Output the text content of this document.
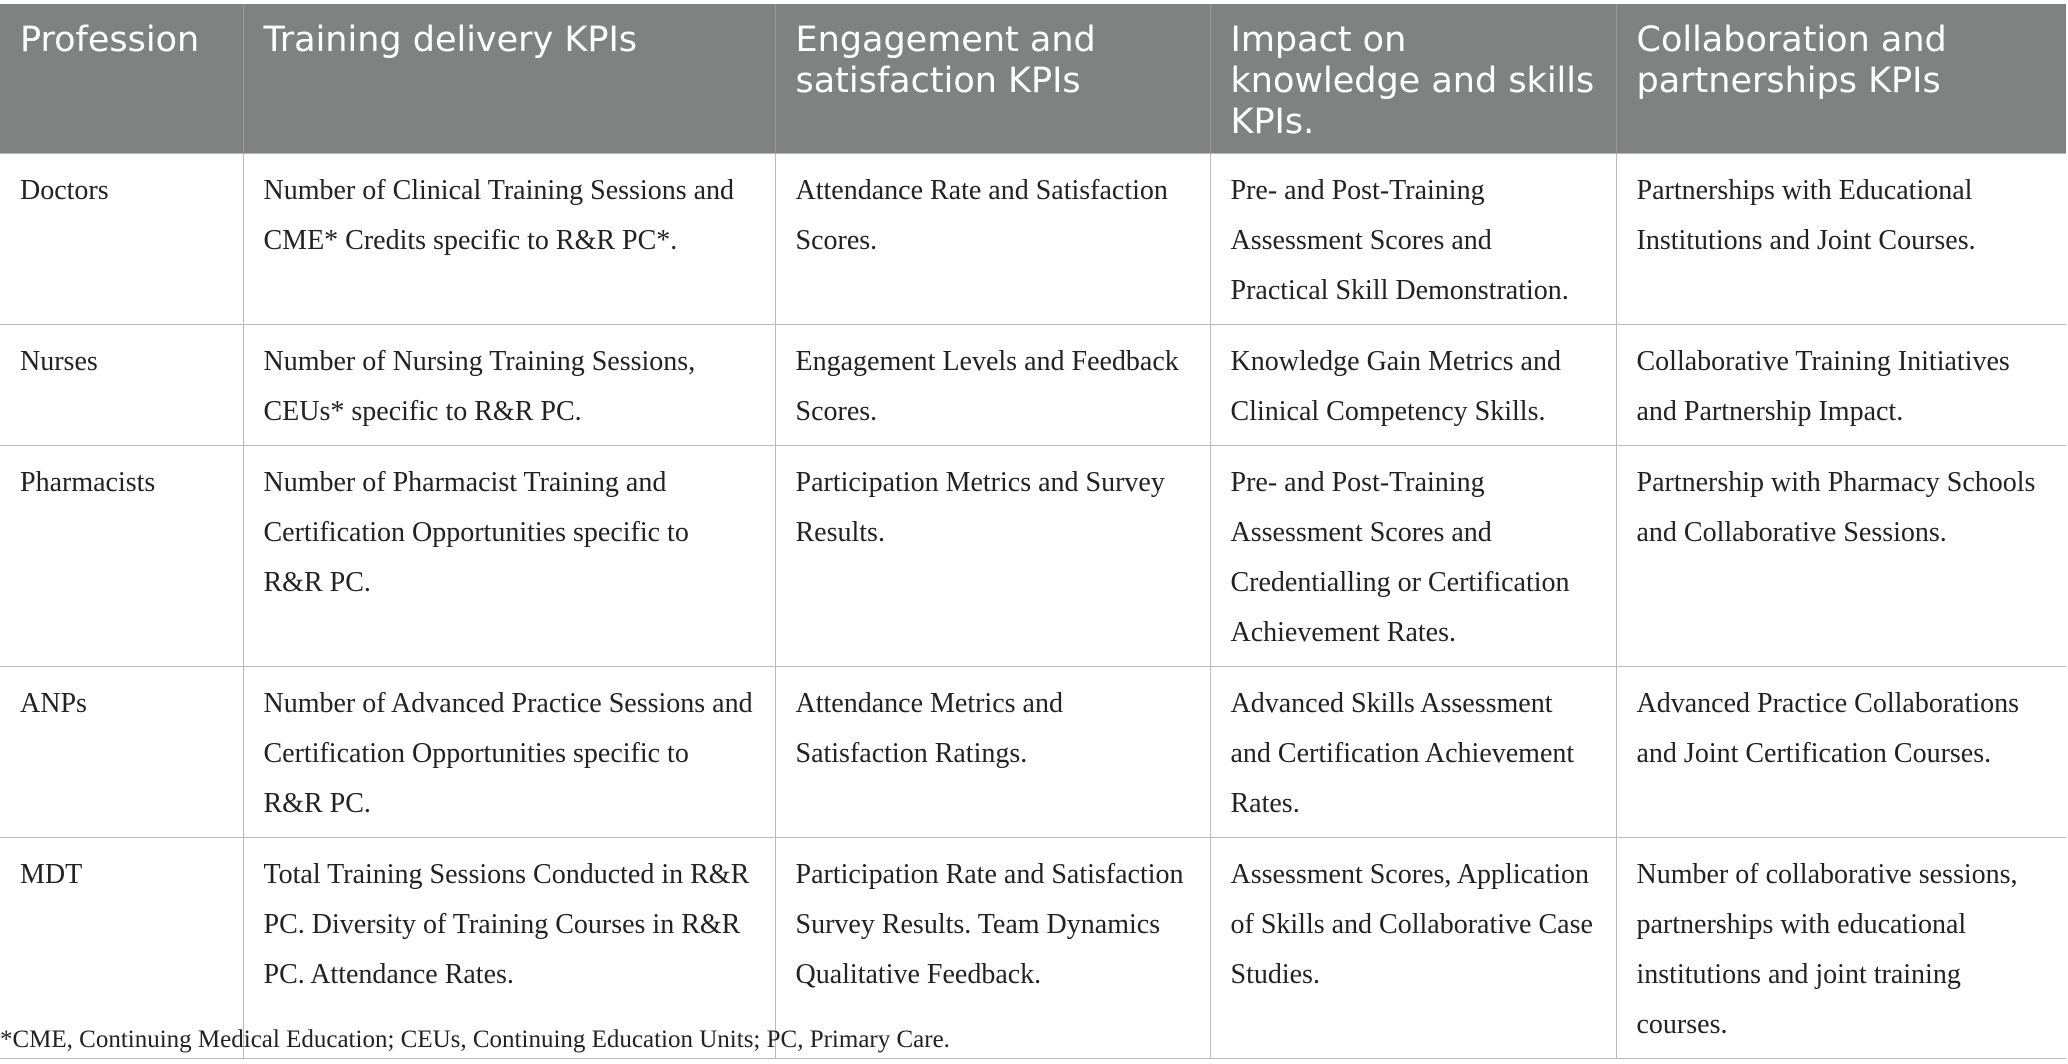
Profession	Training delivery KPIs	Engagement and satisfaction KPIs	Impact on knowledge and skills KPIs.	Collaboration and partnerships KPIs
Doctors	Number of Clinical Training Sessions and CME* Credits specific to R&R PC*.	Attendance Rate and Satisfaction Scores.	Pre- and Post-Training Assessment Scores and Practical Skill Demonstration.	Partnerships with Educational Institutions and Joint Courses.
Nurses	Number of Nursing Training Sessions, CEUs* specific to R&R PC.	Engagement Levels and Feedback Scores.	Knowledge Gain Metrics and Clinical Competency Skills.	Collaborative Training Initiatives and Partnership Impact.
Pharmacists	Number of Pharmacist Training and Certification Opportunities specific to R&R PC.	Participation Metrics and Survey Results.	Pre- and Post-Training Assessment Scores and Credentialling or Certification Achievement Rates.	Partnership with Pharmacy Schools and Collaborative Sessions.
ANPs	Number of Advanced Practice Sessions and Certification Opportunities specific to R&R PC.	Attendance Metrics and Satisfaction Ratings.	Advanced Skills Assessment and Certification Achievement Rates.	Advanced Practice Collaborations and Joint Certification Courses.
MDT	Total Training Sessions Conducted in R&R PC. Diversity of Training Courses in R&R PC. Attendance Rates.	Participation Rate and Satisfaction Survey Results. Team Dynamics Qualitative Feedback.	Assessment Scores, Application of Skills and Collaborative Case Studies.	Number of collaborative sessions, partnerships with educational institutions and joint training courses.
*CME, Continuing Medical Education; CEUs, Continuing Education Units; PC, Primary Care.
